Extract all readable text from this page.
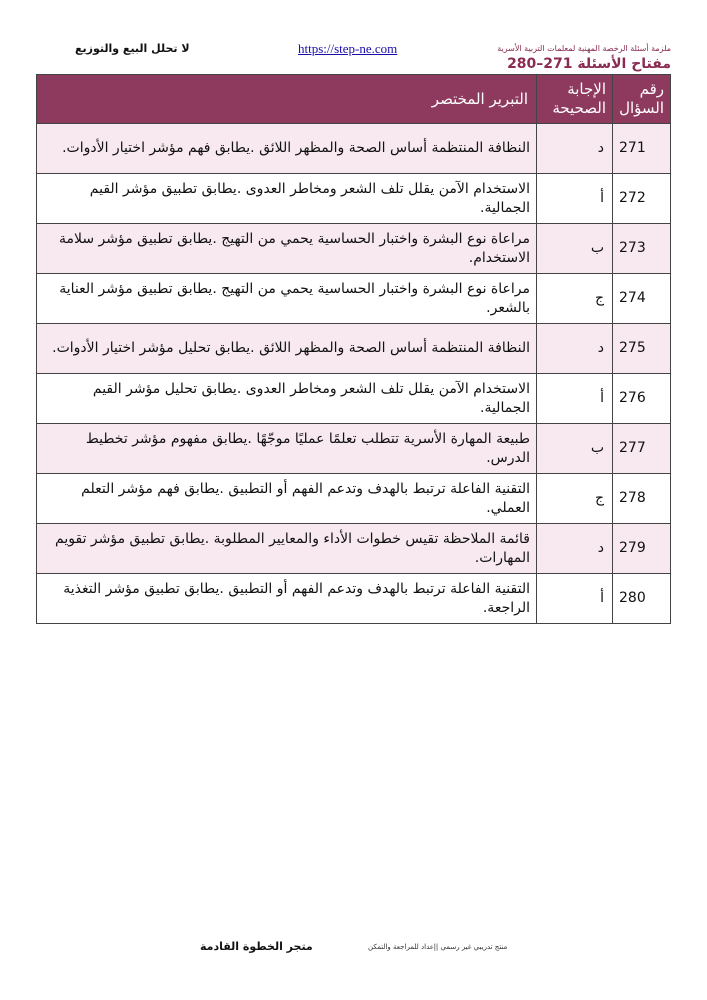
لا تحلل البيع والتوزيع	https://step-ne.com	ملزمة أسئلة الرخصة المهنية لمعلمات التربية الأسرية
مفتاح الأسئلة 271–280
رقم السؤال	الإجابة الصحيحة	التبرير المختصر
271	د	النظافة المنتظمة أساس الصحة والمظهر اللائق .يطابق فهم مؤشر اختيار الأدوات.
272	أ	الاستخدام الآمن يقلل تلف الشعر ومخاطر العدوى .يطابق تطبيق مؤشر القيم الجمالية.
273	ب	مراعاة نوع البشرة واختبار الحساسية يحمي من التهيج .يطابق تطبيق مؤشر سلامة الاستخدام.
274	ج	مراعاة نوع البشرة واختبار الحساسية يحمي من التهيج .يطابق تطبيق مؤشر العناية بالشعر.
275	د	النظافة المنتظمة أساس الصحة والمظهر اللائق .يطابق تحليل مؤشر اختيار الأدوات.
276	أ	الاستخدام الآمن يقلل تلف الشعر ومخاطر العدوى .يطابق تحليل مؤشر القيم الجمالية.
277	ب	طبيعة المهارة الأسرية تتطلب تعلمًا عمليًا موجّهًا .يطابق مفهوم مؤشر تخطيط الدرس.
278	ج	التقنية الفاعلة ترتبط بالهدف وتدعم الفهم أو التطبيق .يطابق فهم مؤشر التعلم العملي.
279	د	قائمة الملاحظة تقيس خطوات الأداء والمعايير المطلوبة .يطابق تطبيق مؤشر تقويم المهارات.
280	أ	التقنية الفاعلة ترتبط بالهدف وتدعم الفهم أو التطبيق .يطابق تطبيق مؤشر التغذية الراجعة.
متجر الخطوة القادمة	منتج تدريبي غير رسمي |إعداد للمراجعة والتمكن
